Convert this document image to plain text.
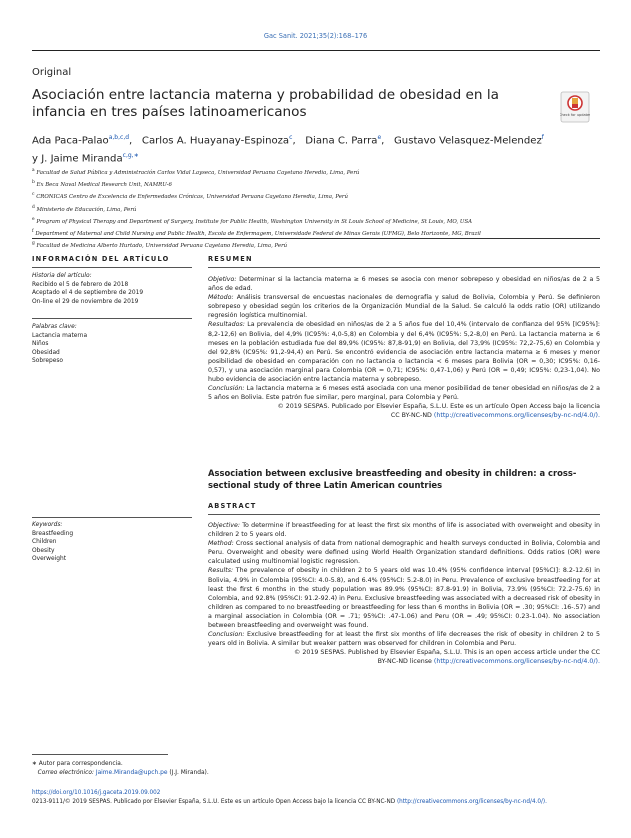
Gac Sanit. 2021;35(2):168–176
Original
Asociación entre lactancia materna y probabilidad de obesidad en la infancia en tres países latinoamericanos	Check for updates
Ada Paca-Palao$^{a,b,c,d}$,   Carlos A. Huayanay-Espinoza$^c$,   Diana C. Parra$^e$,   Gustavo Velasquez-Melendez$^f$
y J. Jaime Miranda$^{c,g,∗}$
$^a$ Facultad de Salud Pública y Administración Carlos Vidal Layseca, Universidad Peruana Cayetano Heredia, Lima, Perú
$^b$ Ex Beca Naval Medical Research Unit, NAMRU-6
$^c$ CRONICAS Centro de Excelencia de Enfermedades Crónicas, Universidad Peruana Cayetano Heredia, Lima, Perú
$^d$ Ministerio de Educación, Lima, Perú
$^e$ Program of Physical Therapy and Department of Surgery, Institute for Public Health, Washington University in St Louis School of Medicine, St Louis, MO, USA
$^f$ Department of Maternal and Child Nursing and Public Health, Escola de Enfermagem, Universidade Federal de Minas Gerais (UFMG), Belo Horizonte, MG, Brazil
$^g$ Facultad de Medicina Alberto Hurtado, Universidad Peruana Cayetano Heredia, Lima, Perú
INFORMACIÓN DEL ARTÍCULO
Historia del artículo:
Recibido el 5 de febrero de 2018
Aceptado el 4 de septiembre de 2019
On-line el 29 de noviembre de 2019
Palabras clave:
Lactancia materna
Niños
Obesidad
Sobrepeso
RESUMEN
Objetivo: Determinar si la lactancia materna ≥ 6 meses se asocia con menor sobrepeso y obesidad en niños/as de 2 a 5 años de edad.
Método: Análisis transversal de encuestas nacionales de demografía y salud de Bolivia, Colombia y Perú. Se definieron sobrepeso y obesidad según los criterios de la Organización Mundial de la Salud. Se calculó la odds ratio (OR) utilizando regresión logística multinomial.
Resultados: La prevalencia de obesidad en niños/as de 2 a 5 años fue del 10,4% (intervalo de confianza del 95% [IC95%]: 8,2-12,6) en Bolivia, del 4,9% (IC95%: 4,0-5,8) en Colombia y del 6,4% (IC95%: 5,2-8,0) en Perú. La lactancia materna ≥ 6 meses en la población estudiada fue del 89,9% (IC95%: 87,8-91,9) en Bolivia, del 73,9% (IC95%: 72,2-75,6) en Colombia y del 92,8% (IC95%: 91,2-94,4) en Perú. Se encontró evidencia de asociación entre lactancia materna ≥ 6 meses y menor posibilidad de obesidad en comparación con no lactancia o lactancia < 6 meses para Bolivia (OR = 0,30; IC95%: 0,16-0,57), y una asociación marginal para Colombia (OR = 0,71; IC95%: 0,47-1,06) y Perú (OR = 0,49; IC95%: 0,23-1,04). No hubo evidencia de asociación entre lactancia materna y sobrepeso.
Conclusión: La lactancia materna ≥ 6 meses está asociada con una menor posibilidad de tener obesidad en niños/as de 2 a 5 años en Bolivia. Este patrón fue similar, pero marginal, para Colombia y Perú.
© 2019 SESPAS. Publicado por Elsevier España, S.L.U. Este es un artículo Open Access bajo la licencia
CC BY-NC-ND (http://creativecommons.org/licenses/by-nc-nd/4.0/).
Association between exclusive breastfeeding and obesity in children: a cross-sectional study of three Latin American countries
Keywords:
Breastfeeding
Children
Obesity
Overweight
ABSTRACT
Objective: To determine if breastfeeding for at least the first six months of life is associated with overweight and obesity in children 2 to 5 years old.
Method: Cross sectional analysis of data from national demographic and health surveys conducted in Bolivia, Colombia and Peru. Overweight and obesity were defined using World Health Organization standard definitions. Odds ratios (OR) were calculated using multinomial logistic regression.
Results: The prevalence of obesity in children 2 to 5 years old was 10.4% (95% confidence interval [95%CI]: 8.2-12.6) in Bolivia, 4.9% in Colombia (95%CI: 4.0-5.8), and 6.4% (95%CI: 5.2-8.0) in Peru. Prevalence of exclusive breastfeeding for at least the first 6 months in the study population was 89.9% (95%CI: 87.8-91.9) in Bolivia, 73.9% (95%CI: 72.2-75.6) in Colombia, and 92.8% (95%CI: 91.2-92.4) in Peru. Exclusive breastfeeding was associated with a decreased risk of obesity in children as compared to no breastfeeding or breastfeeding for less than 6 months in Bolivia (OR = .30; 95%CI: .16-.57) and a marginal association in Colombia (OR = .71; 95%CI: .47-1.06) and Peru (OR = .49; 95%CI: 0.23-1.04). No association between breastfeeding and overweight was found.
Conclusion: Exclusive breastfeeding for at least the first six months of life decreases the risk of obesity in children 2 to 5 years old in Bolivia. A similar but weaker pattern was observed for children in Colombia and Peru.
© 2019 SESPAS. Published by Elsevier España, S.L.U. This is an open access article under the CC
BY-NC-ND license (http://creativecommons.org/licenses/by-nc-nd/4.0/).
∗ Autor para correspondencia.
Correo electrónico: Jaime.Miranda@upch.pe (J.J. Miranda).
https://doi.org/10.1016/j.gaceta.2019.09.002
0213-9111/© 2019 SESPAS. Publicado por Elsevier España, S.L.U. Este es un artículo Open Access bajo la licencia CC BY-NC-ND (http://creativecommons.org/licenses/by-nc-nd/4.0/).
